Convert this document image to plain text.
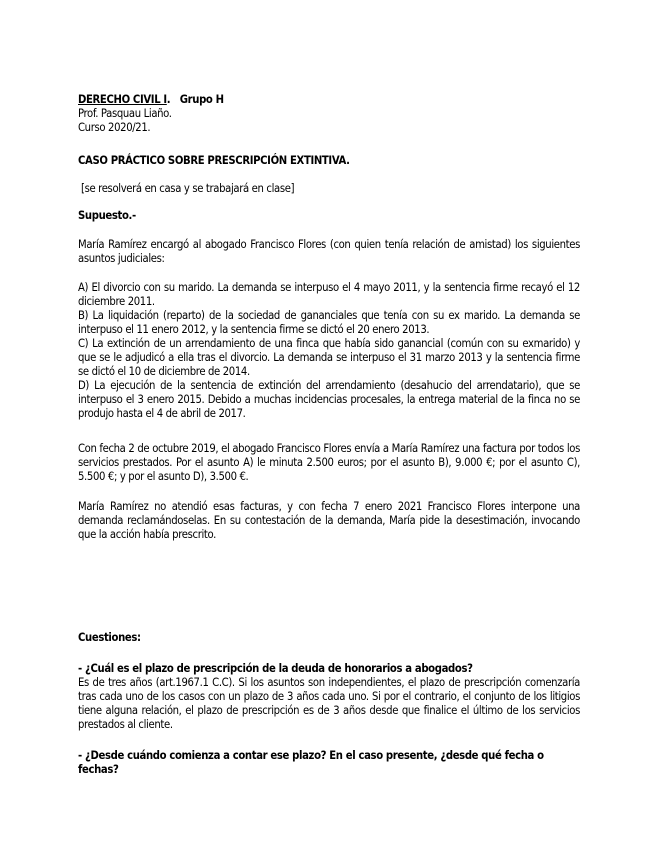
DERECHO CIVIL I.   Grupo H
Prof. Pasquau Liaño.
Curso 2020/21.
CASO PRÁCTICO SOBRE PRESCRIPCIÓN EXTINTIVA.
[se resolverá en casa y se trabajará en clase]
Supuesto.-

María Ramírez encargó al abogado Francisco Flores (con quien tenía relación de amistad) los siguientes asuntos judiciales:

A) El divorcio con su marido. La demanda se interpuso el 4 mayo 2011, y la sentencia firme recayó el 12 diciembre 2011.

B) La liquidación (reparto) de la sociedad de gananciales que tenía con su ex marido. La demanda se interpuso el 11 enero 2012, y la sentencia firme se dictó el 20 enero 2013.

C) La extinción de un arrendamiento de una finca que había sido ganancial (común con su exmarido) y que se le adjudicó a ella tras el divorcio. La demanda se interpuso el 31 marzo 2013 y la sentencia firme se dictó el 10 de diciembre de 2014.

D) La ejecución de la sentencia de extinción del arrendamiento (desahucio del arrendatario), que se interpuso el 3 enero 2015. Debido a muchas incidencias procesales, la entrega material de la finca no se produjo hasta el 4 de abril de 2017.

Con fecha 2 de octubre 2019, el abogado Francisco Flores envía a María Ramírez una factura por todos los servicios prestados. Por el asunto A) le minuta 2.500 euros; por el asunto B), 9.000 €; por el asunto C), 5.500 €; y por el asunto D), 3.500 €.

María Ramírez no atendió esas facturas, y con fecha 7 enero 2021 Francisco Flores interpone una demanda reclamándoselas. En su contestación de la demanda, María pide la desestimación, invocando que la acción había prescrito.

Cuestiones:
- ¿Cuál es el plazo de prescripción de la deuda de honorarios a abogados?

Es de tres años (art.1967.1 C.C). Si los asuntos son independientes, el plazo de prescripción comenzaría tras cada uno de los casos con un plazo de 3 años cada uno. Si por el contrario, el conjunto de los litigios tiene alguna relación, el plazo de prescripción es de 3 años desde que finalice el último de los servicios prestados al cliente.

- ¿Desde cuándo comienza a contar ese plazo? En el caso presente, ¿desde qué fecha o fechas?
